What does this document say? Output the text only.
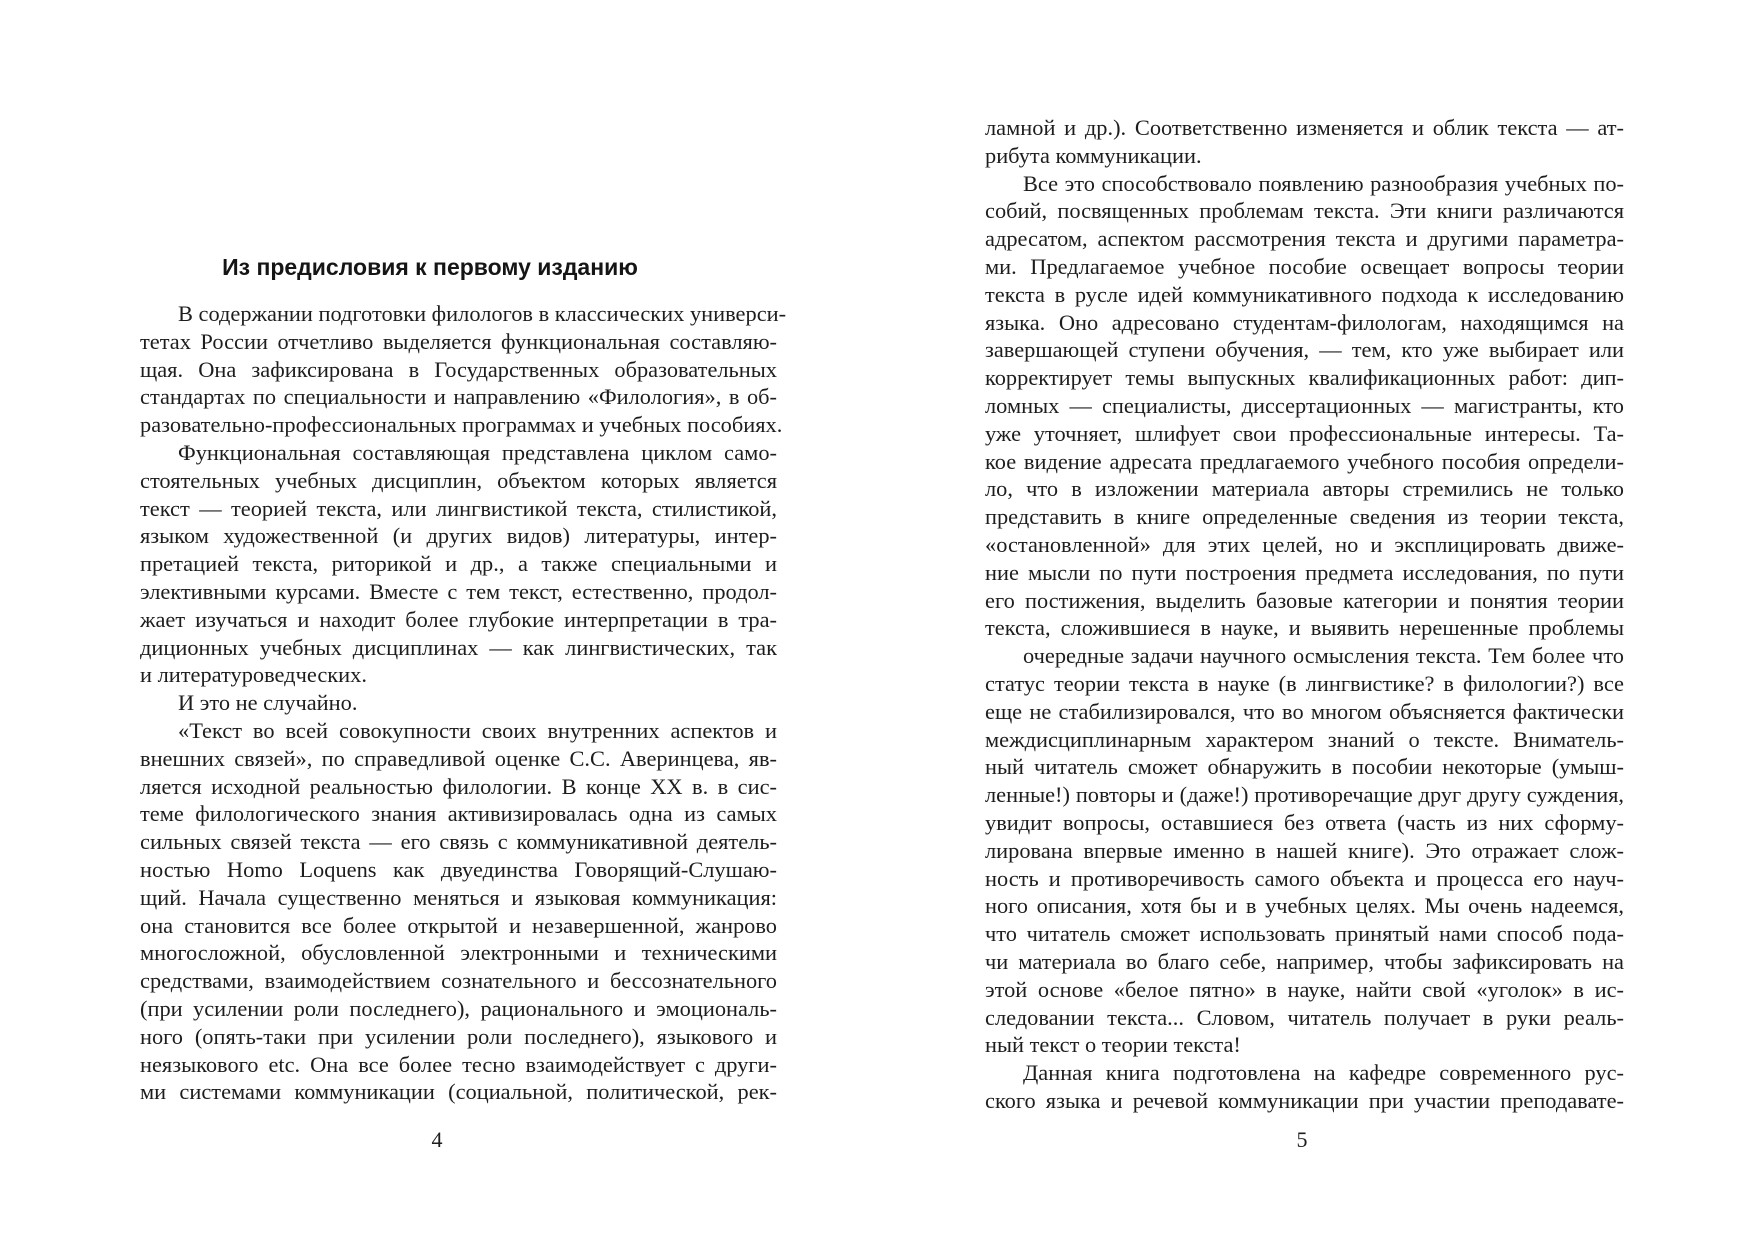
Из предисловия к первому изданию
В содержании подготовки филологов в классических универси-
тетах России отчетливо выделяется функциональная составляю-
щая. Она зафиксирована в Государственных образовательных
стандартах по специальности и направлению «Филология», в об-
разовательно-профессиональных программах и учебных пособиях.
Функциональная составляющая представлена циклом само-
стоятельных учебных дисциплин, объектом которых является
текст — теорией текста, или лингвистикой текста, стилистикой,
языком художественной (и других видов) литературы, интер-
претацией текста, риторикой и др., а также специальными и
элективными курсами. Вместе с тем текст, естественно, продол-
жает изучаться и находит более глубокие интерпретации в тра-
диционных учебных дисциплинах — как лингвистических, так
и литературоведческих.
И это не случайно.
«Текст во всей совокупности своих внутренних аспектов и
внешних связей», по справедливой оценке С.С. Аверинцева, яв-
ляется исходной реальностью филологии. В конце XX в. в сис-
теме филологического знания активизировалась одна из самых
сильных связей текста — его связь с коммуникативной деятель-
ностью Homo Loquens как двуединства Говорящий-Слушаю-
щий. Начала существенно меняться и языковая коммуникация:
она становится все более открытой и незавершенной, жанрово
многосложной, обусловленной электронными и техническими
средствами, взаимодействием сознательного и бессознательного
(при усилении роли последнего), рационального и эмоциональ-
ного (опять-таки при усилении роли последнего), языкового и
неязыкового etc. Она все более тесно взаимодействует с други-
ми системами коммуникации (социальной, политической, рек-
4
ламной и др.). Соответственно изменяется и облик текста — ат-
рибута коммуникации.
Все это способствовало появлению разнообразия учебных по-
собий, посвященных проблемам текста. Эти книги различаются
адресатом, аспектом рассмотрения текста и другими параметра-
ми. Предлагаемое учебное пособие освещает вопросы теории
текста в русле идей коммуникативного подхода к исследованию
языка. Оно адресовано студентам-филологам, находящимся на
завершающей ступени обучения, — тем, кто уже выбирает или
корректирует темы выпускных квалификационных работ: дип-
ломных — специалисты, диссертационных — магистранты, кто
уже уточняет, шлифует свои профессиональные интересы. Та-
кое видение адресата предлагаемого учебного пособия определи-
ло, что в изложении материала авторы стремились не только
представить в книге определенные сведения из теории текста,
«остановленной» для этих целей, но и эксплицировать движе-
ние мысли по пути построения предмета исследования, по пути
его постижения, выделить базовые категории и понятия теории
текста, сложившиеся в науке, и выявить нерешенные проблемы
очередные задачи научного осмысления текста. Тем более что
статус теории текста в науке (в лингвистике? в филологии?) все
еще не стабилизировался, что во многом объясняется фактически
междисциплинарным характером знаний о тексте. Вниматель-
ный читатель сможет обнаружить в пособии некоторые (умыш-
ленные!) повторы и (даже!) противоречащие друг другу суждения,
увидит вопросы, оставшиеся без ответа (часть из них сформу-
лирована впервые именно в нашей книге). Это отражает слож-
ность и противоречивость самого объекта и процесса его науч-
ного описания, хотя бы и в учебных целях. Мы очень надеемся,
что читатель сможет использовать принятый нами способ пода-
чи материала во благо себе, например, чтобы зафиксировать на
этой основе «белое пятно» в науке, найти свой «уголок» в ис-
следовании текста... Словом, читатель получает в руки реаль-
ный текст о теории текста!
Данная книга подготовлена на кафедре современного рус-
ского языка и речевой коммуникации при участии преподавате-
5
